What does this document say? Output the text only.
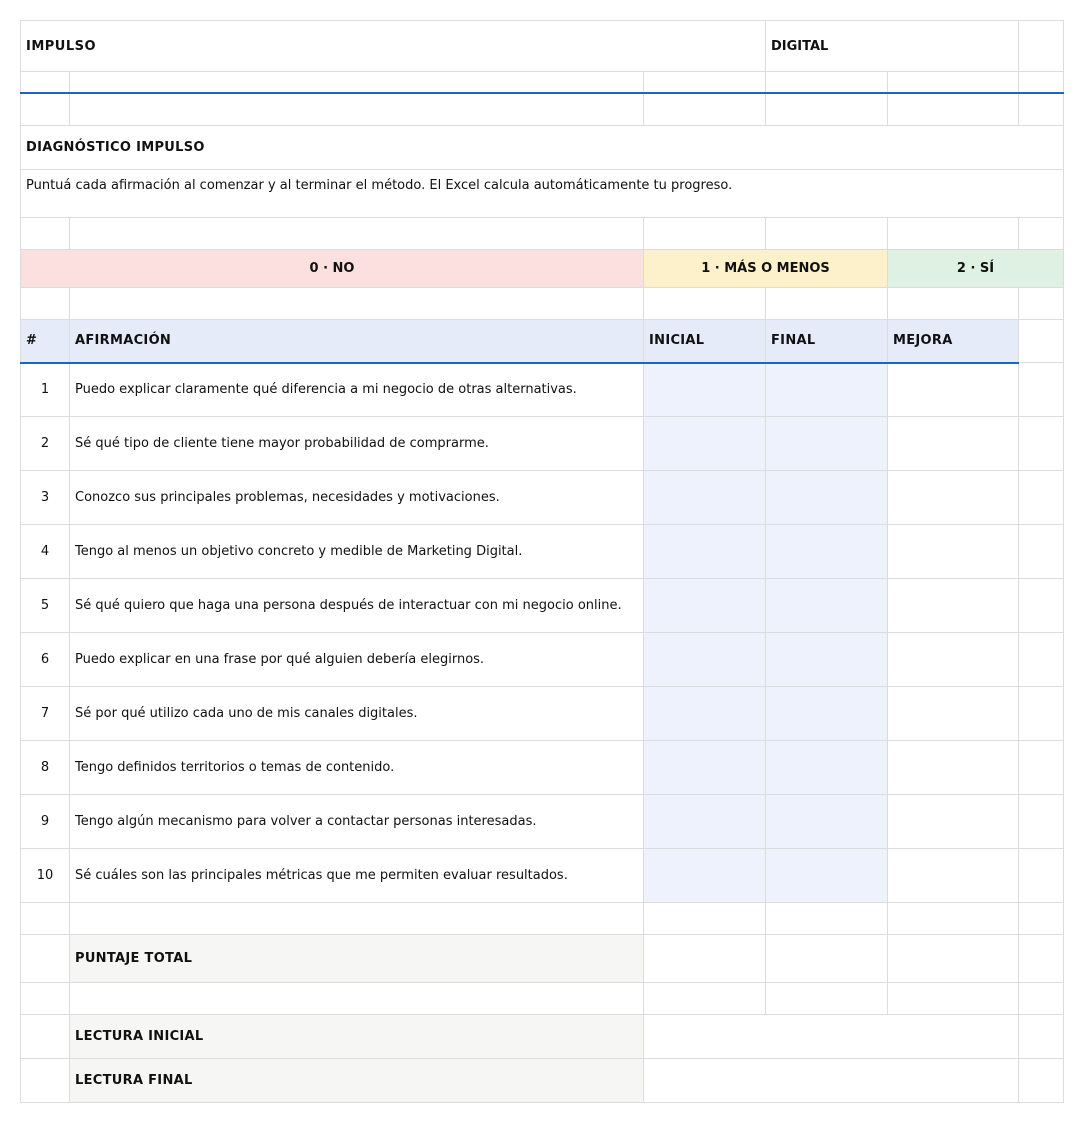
IMPULSO			DIGITAL		

DIAGNÓSTICO IMPULSO					
Puntuá cada afirmación al comenzar y al terminar el método. El Excel calcula automáticamente tu progreso.					

0 · NO		1 · MÁS O MENOS		2 · SÍ	

#	AFIRMACIÓN	INICIAL	FINAL	MEJORA	
1	Puedo explicar claramente qué diferencia a mi negocio de otras alternativas.				
2	Sé qué tipo de cliente tiene mayor probabilidad de comprarme.				
3	Conozco sus principales problemas, necesidades y motivaciones.				
4	Tengo al menos un objetivo concreto y medible de Marketing Digital.				
5	Sé qué quiero que haga una persona después de interactuar con mi negocio online.				
6	Puedo explicar en una frase por qué alguien debería elegirnos.				
7	Sé por qué utilizo cada uno de mis canales digitales.				
8	Tengo definidos territorios o temas de contenido.				
9	Tengo algún mecanismo para volver a contactar personas interesadas.				
10	Sé cuáles son las principales métricas que me permiten evaluar resultados.				

	PUNTAJE TOTAL				

	LECTURA INICIAL				
	LECTURA FINAL				
